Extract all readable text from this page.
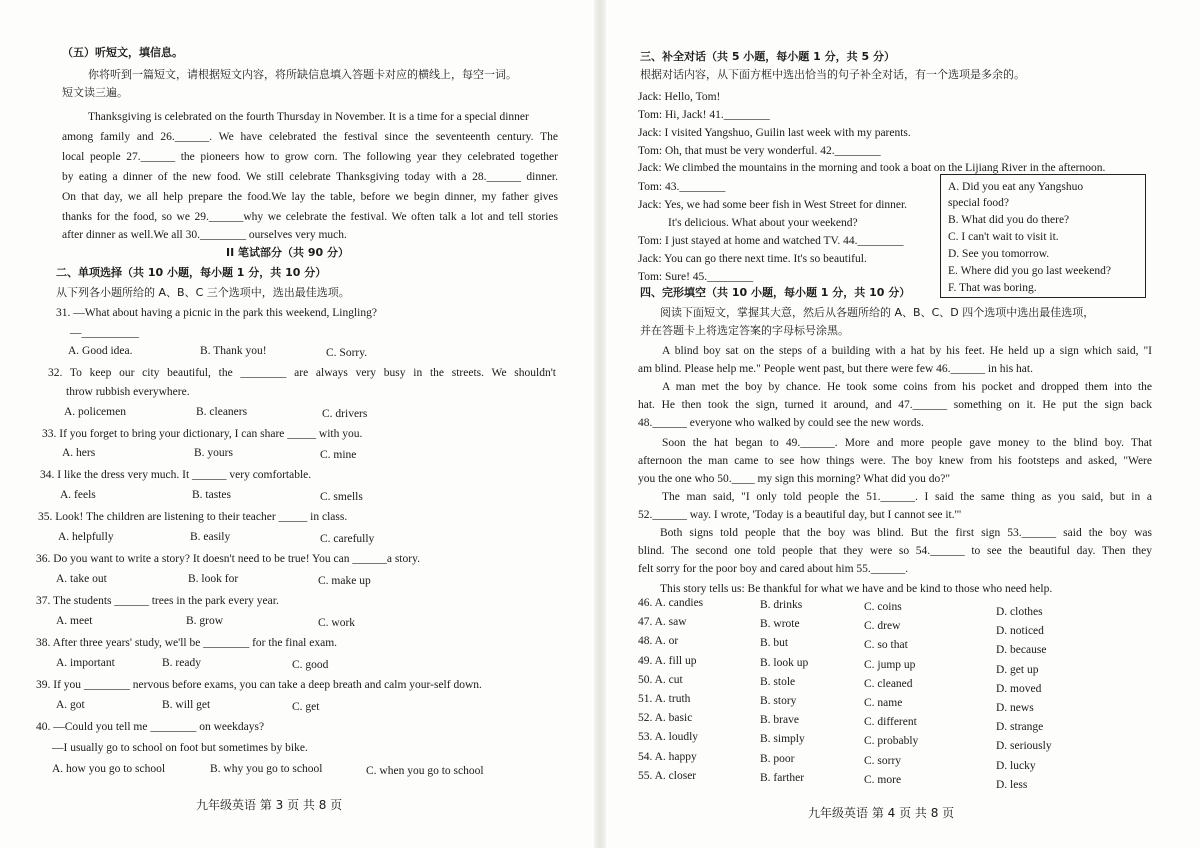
（五）听短文，填信息。
你将听到一篇短文，请根据短文内容，将所缺信息填入答题卡对应的横线上，每空一词。
短文读三遍。
Thanksgiving is celebrated on the fourth Thursday in November. It is a time for a special dinner
among family and 26.______. We have celebrated the festival since the seventeenth century. The
local people 27.______ the pioneers how to grow corn. The following year they celebrated together
by eating a dinner of the new food. We still celebrate Thanksgiving today with a 28.______ dinner.
On that day, we all help prepare the food.We lay the table, before we begin dinner, my father gives
thanks for the food, so we 29.______why we celebrate the festival. We often talk a lot and tell stories
after dinner as well.We all 30.________ ourselves very much.
II 笔试部分（共 90 分）
二、单项选择（共 10 小题，每小题 1 分，共 10 分）
从下列各小题所给的 A、B、C 三个选项中，选出最佳选项。
31. —What about having a picnic in the park this weekend, Lingling?
—__________
A. Good idea.	B. Thank you!	C. Sorry.
32. To keep our city beautiful, the ________ are always very busy in the streets. We shouldn't
throw rubbish everywhere.
A. policemen	B. cleaners	C. drivers
33. If you forget to bring your dictionary, I can share _____ with you.
A. hers	B. yours	C. mine
34. I like the dress very much. It ______ very comfortable.
A. feels	B. tastes	C. smells
35. Look! The children are listening to their teacher _____ in class.
A. helpfully	B. easily	C. carefully
36. Do you want to write a story? It doesn't need to be true! You can ______a story.
A. take out	B. look for	C. make up
37. The students ______ trees in the park every year.
A. meet	B. grow	C. work
38. After three years' study, we'll be ________ for the final exam.
A. important	B. ready	C. good
39. If you ________ nervous before exams, you can take a deep breath and calm your-self down.
A. got	B. will get	C. get
40. —Could you tell me ________ on weekdays?
—I usually go to school on foot but sometimes by bike.
A. how you go to school	B. why you go to school	C. when you go to school
九年级英语 第 3 页 共 8 页
三、补全对话（共 5 小题，每小题 1 分，共 5 分）
根据对话内容，从下面方框中选出恰当的句子补全对话，有一个选项是多余的。
Jack: Hello, Tom!
Tom: Hi, Jack! 41.________
Jack: I visited Yangshuo, Guilin last week with my parents.
Tom: Oh, that must be very wonderful. 42.________
Jack: We climbed the mountains in the morning and took a boat on the Lijiang River in the afternoon.
Tom: 43.________
Jack: Yes, we had some beer fish in West Street for dinner.
It's delicious. What about your weekend?
Tom: I just stayed at home and watched TV. 44.________
Jack: You can go there next time. It's so beautiful.
Tom: Sure! 45.________
A. Did you eat any Yangshuo
special food?
B. What did you do there?
C. I can't wait to visit it.
D. See you tomorrow.
E. Where did you go last weekend?
F. That was boring.
四、完形填空（共 10 小题，每小题 1 分，共 10 分）
阅读下面短文，掌握其大意，然后从各题所给的 A、B、C、D 四个选项中选出最佳选项，
并在答题卡上将选定答案的字母标号涂黑。
A blind boy sat on the steps of a building with a hat by his feet. He held up a sign which said, "I
am blind. Please help me." People went past, but there were few 46.______ in his hat.
A man met the boy by chance. He took some coins from his pocket and dropped them into the
hat. He then took the sign, turned it around, and 47.______ something on it. He put the sign back
48.______ everyone who walked by could see the new words.
Soon the hat began to 49.______. More and more people gave money to the blind boy. That
afternoon the man came to see how things were. The boy knew from his footsteps and asked, "Were
you the one who 50.____ my sign this morning? What did you do?"
The man said, "I only told people the 51.______. I said the same thing as you said, but in a
52.______ way. I wrote, 'Today is a beautiful day, but I cannot see it.'"
Both signs told people that the boy was blind. But the first sign 53.______ said the boy was
blind. The second one told people that they were so 54.______ to see the beautiful day. Then they
felt sorry for the poor boy and cared about him 55.______.
This story tells us: Be thankful for what we have and be kind to those who need help.
46. A. candies	B. drinks	C. coins	D. clothes
47. A. saw	B. wrote	C. drew	D. noticed
48. A. or	B. but	C. so that	D. because
49. A. fill up	B. look up	C. jump up	D. get up
50. A. cut	B. stole	C. cleaned	D. moved
51. A. truth	B. story	C. name	D. news
52. A. basic	B. brave	C. different	D. strange
53. A. loudly	B. simply	C. probably	D. seriously
54. A. happy	B. poor	C. sorry	D. lucky
55. A. closer	B. farther	C. more	D. less
九年级英语 第 4 页 共 8 页
